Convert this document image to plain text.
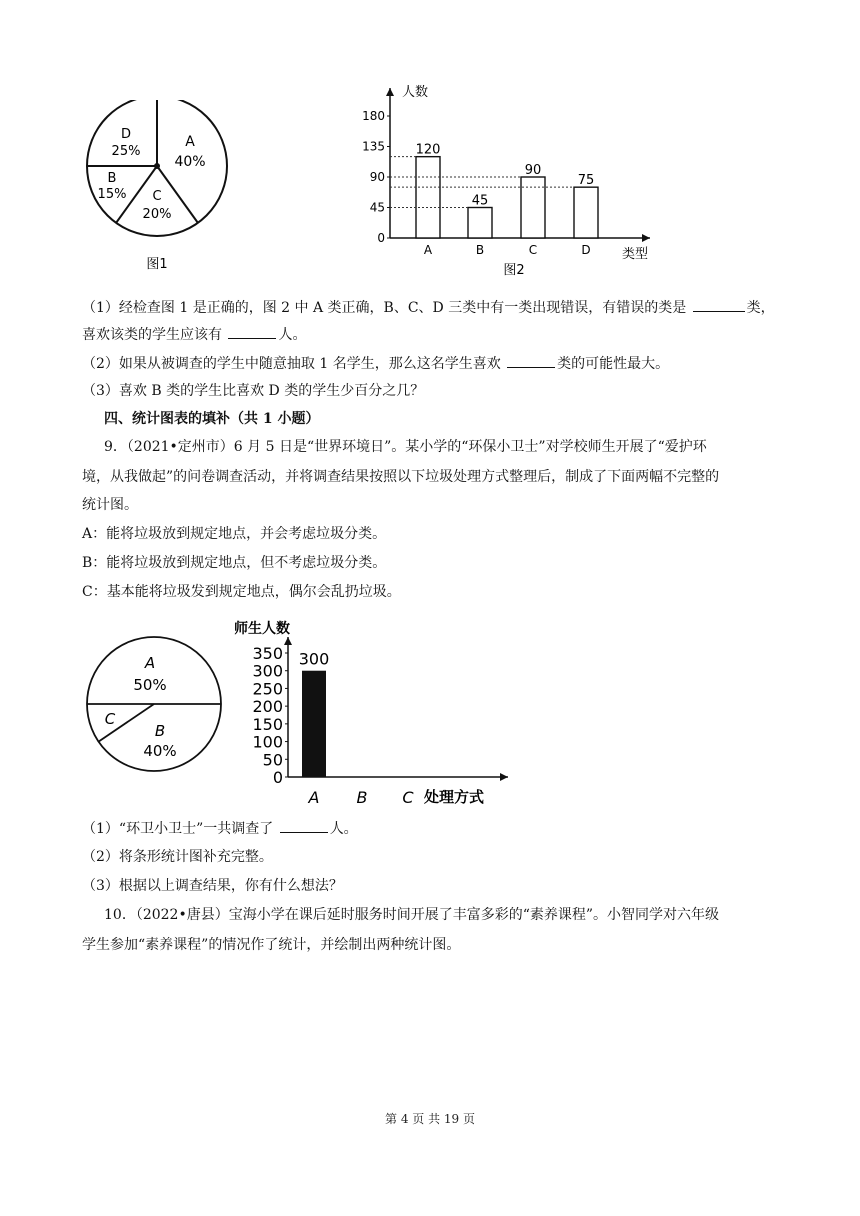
A
40%
C
20%
B
15%
D
25%
图1
人数
类型
图2
0
45
90
135
180
120
A
45
B
90
C
75
D
（1）经检查图 1 是正确的，图 2 中 A 类正确，B、C、D 三类中有一类出现错误，有错误的类是	类，
喜欢该类的学生应该有	人。
（2）如果从被调查的学生中随意抽取 1 名学生，那么这名学生喜欢	类的可能性最大。
（3）喜欢 B 类的学生比喜欢 D 类的学生少百分之几？
四、统计图表的填补（共 1 小题）
9．（2021•定州市）6 月 5 日是“世界环境日”。某小学的“环保小卫士”对学校师生开展了“爱护环
境，从我做起”的问卷调查活动，并将调查结果按照以下垃圾处理方式整理后，制成了下面两幅不完整的
统计图。
A：能将垃圾放到规定地点，并会考虑垃圾分类。
B：能将垃圾放到规定地点，但不考虑垃圾分类。
C：基本能将垃圾发到规定地点，偶尔会乱扔垃圾。
A
50%
B
40%
C
师生人数
处理方式
0
50
100
150
200
250
300
350 300
A B C
（1）“环卫小卫士”一共调查了	人。
（2）将条形统计图补充完整。
（3）根据以上调查结果，你有什么想法？
10．（2022•唐县）宝海小学在课后延时服务时间开展了丰富多彩的“素养课程”。小智同学对六年级
学生参加“素养课程”的情况作了统计，并绘制出两种统计图。
第 4 页 共 19 页
